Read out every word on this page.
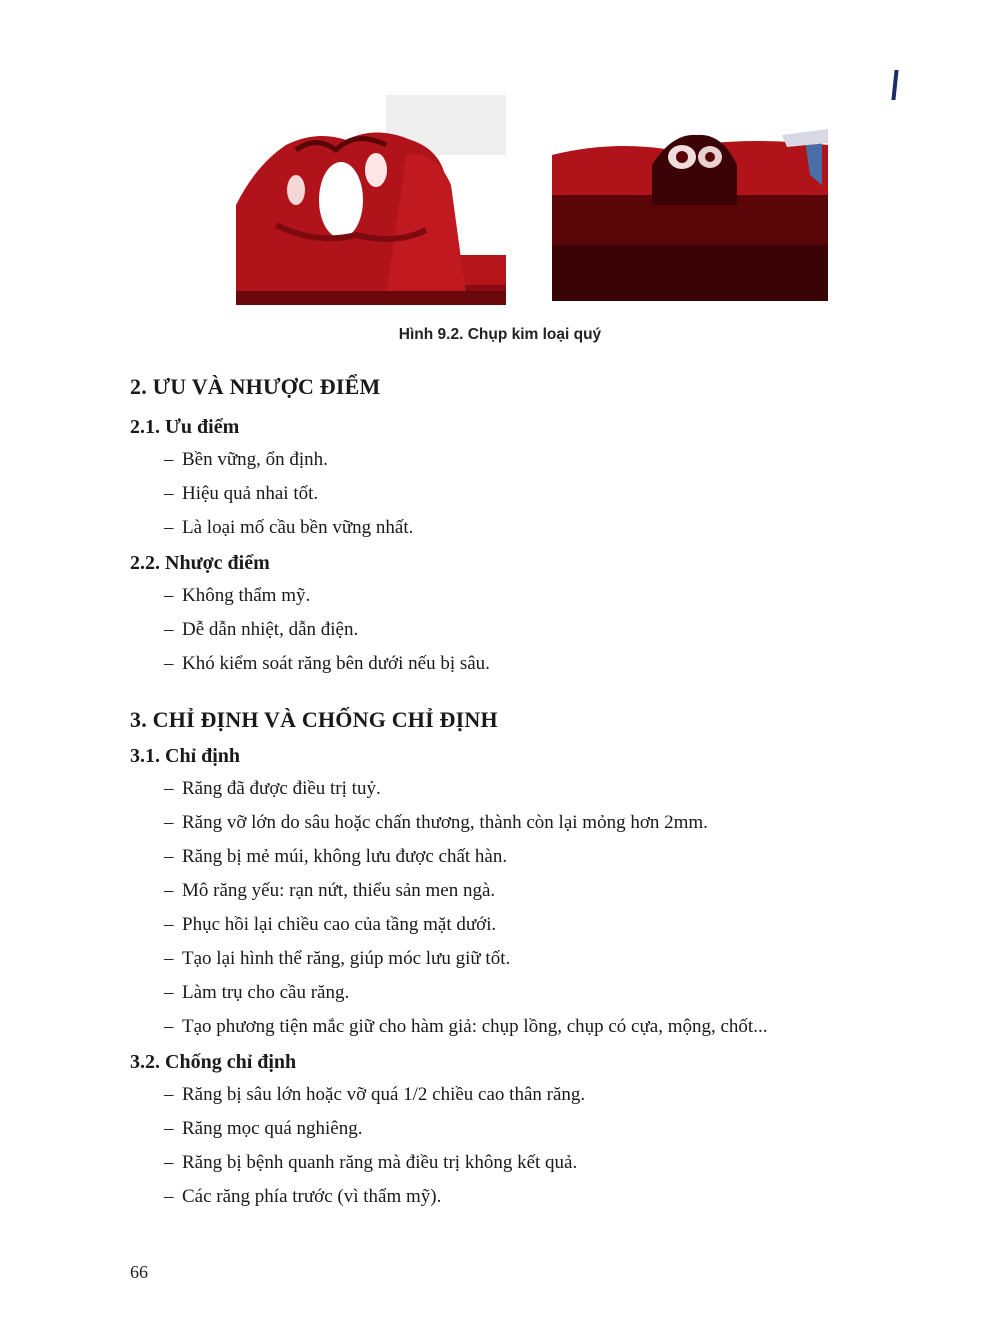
Hình 9.2. Chụp kim loại quý
2. ƯU VÀ NHƯỢC ĐIỂM
2.1. Ưu điểm
– Bền vững, ổn định.
– Hiệu quả nhai tốt.
– Là loại mố cầu bền vững nhất.
2.2. Nhược điểm
– Không thẩm mỹ.
– Dễ dẫn nhiệt, dẫn điện.
– Khó kiểm soát răng bên dưới nếu bị sâu.
3. CHỈ ĐỊNH VÀ CHỐNG CHỈ ĐỊNH
3.1. Chỉ định
– Răng đã được điều trị tuỷ.
– Răng vỡ lớn do sâu hoặc chấn thương, thành còn lại mỏng hơn 2mm.
– Răng bị mẻ múi, không lưu được chất hàn.
– Mô răng yếu: rạn nứt, thiểu sản men ngà.
– Phục hồi lại chiều cao của tầng mặt dưới.
– Tạo lại hình thể răng, giúp móc lưu giữ tốt.
– Làm trụ cho cầu răng.
– Tạo phương tiện mắc giữ cho hàm giả: chụp lồng, chụp có cựa, mộng, chốt...
3.2. Chống chỉ định
– Răng bị sâu lớn hoặc vỡ quá 1/2 chiều cao thân răng.
– Răng mọc quá nghiêng.
– Răng bị bệnh quanh răng mà điều trị không kết quả.
– Các răng phía trước (vì thẩm mỹ).
66
